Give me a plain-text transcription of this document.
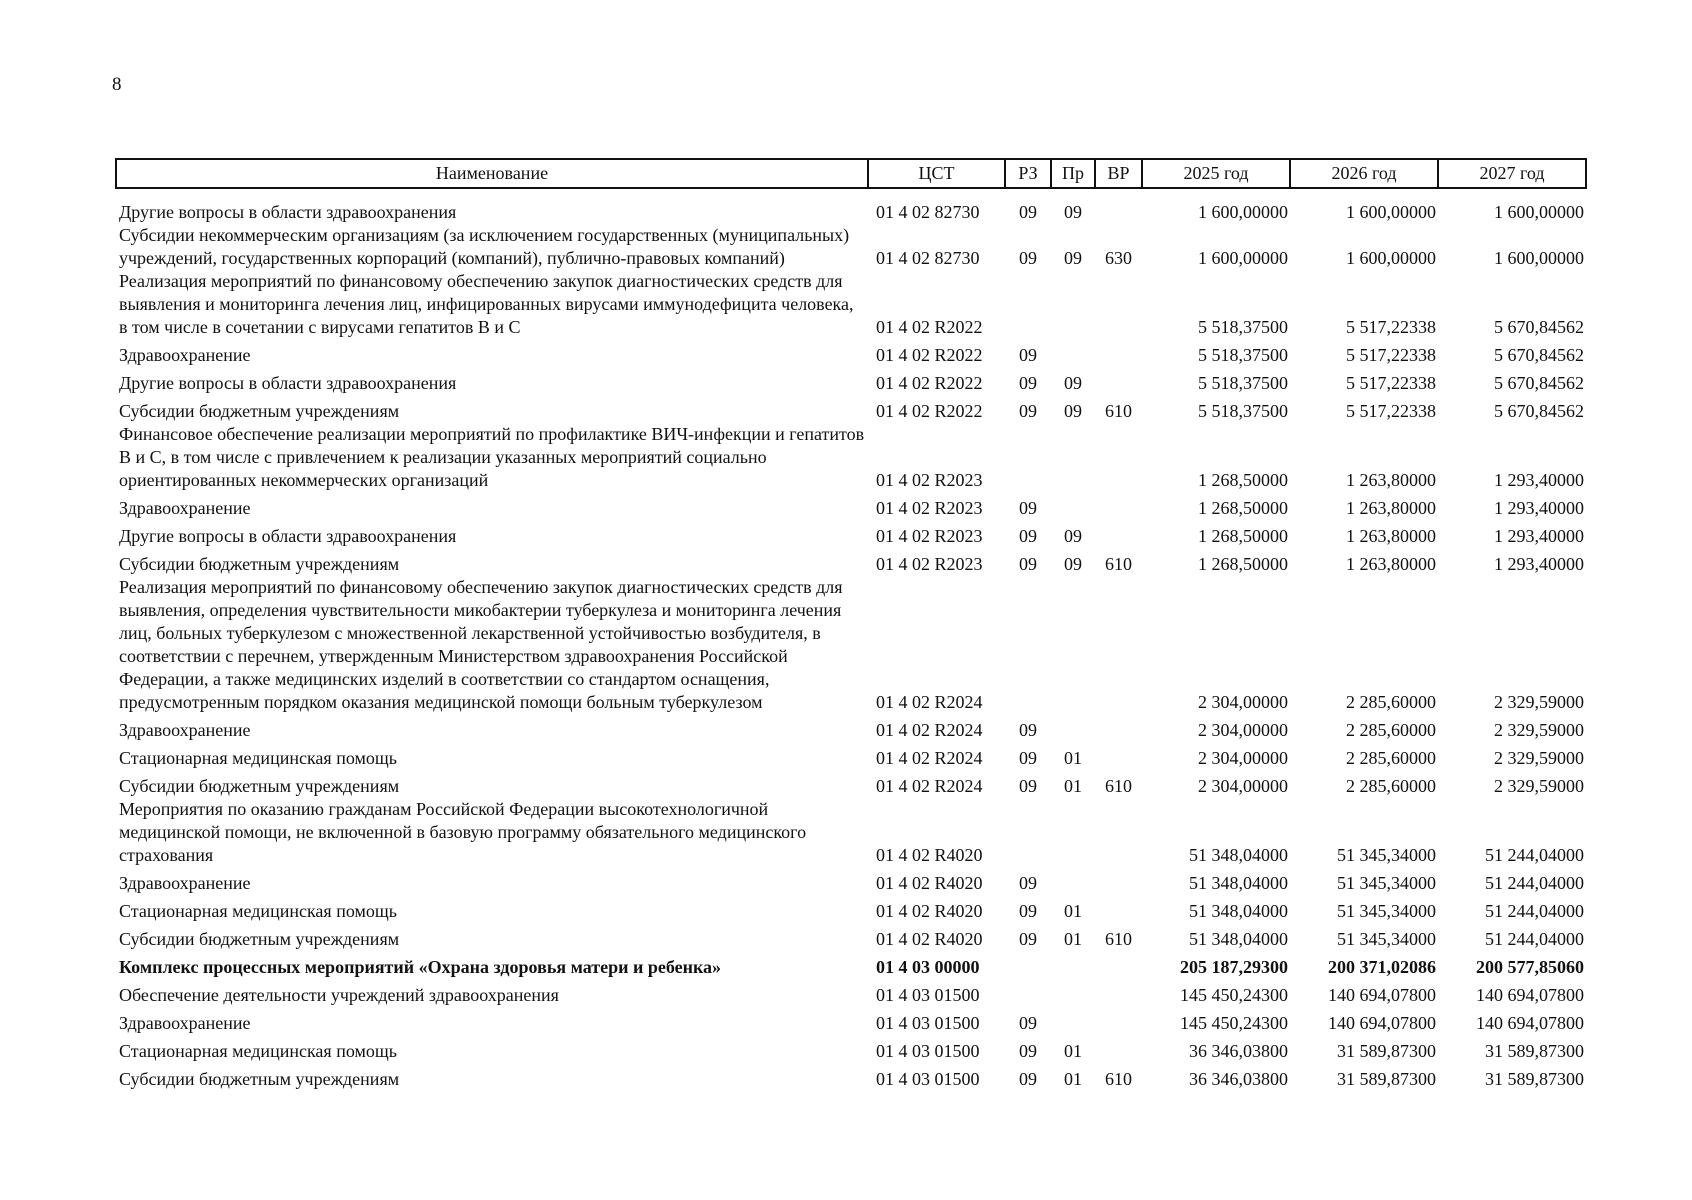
8
Наименование	ЦСТ	РЗ	Пр	ВР	2025 год	2026 год	2027 год

Другие вопросы в области здравоохранения	01 4 02 82730	09	09		1 600,00000	1 600,00000	1 600,00000
Субсидии некоммерческим организациям (за исключением государственных (муниципальных) учреждений, государственных корпораций (компаний), публично-правовых компаний)	01 4 02 82730	09	09	630	1 600,00000	1 600,00000	1 600,00000
Реализация мероприятий по финансовому обеспечению закупок диагностических средств для выявления и мониторинга лечения лиц, инфицированных вирусами иммунодефицита человека, в том числе в сочетании с вирусами гепатитов В и С	01 4 02 R2022				5 518,37500	5 517,22338	5 670,84562
Здравоохранение	01 4 02 R2022	09			5 518,37500	5 517,22338	5 670,84562
Другие вопросы в области здравоохранения	01 4 02 R2022	09	09		5 518,37500	5 517,22338	5 670,84562
Субсидии бюджетным учреждениям	01 4 02 R2022	09	09	610	5 518,37500	5 517,22338	5 670,84562
Финансовое обеспечение реализации мероприятий по профилактике ВИЧ-инфекции и гепатитов В и С, в том числе с привлечением к реализации указанных мероприятий социально ориентированных некоммерческих организаций	01 4 02 R2023				1 268,50000	1 263,80000	1 293,40000
Здравоохранение	01 4 02 R2023	09			1 268,50000	1 263,80000	1 293,40000
Другие вопросы в области здравоохранения	01 4 02 R2023	09	09		1 268,50000	1 263,80000	1 293,40000
Субсидии бюджетным учреждениям	01 4 02 R2023	09	09	610	1 268,50000	1 263,80000	1 293,40000
Реализация мероприятий по финансовому обеспечению закупок диагностических средств для выявления, определения чувствительности микобактерии туберкулеза и мониторинга лечения лиц, больных туберкулезом с множественной лекарственной устойчивостью возбудителя, в соответствии с перечнем, утвержденным Министерством здравоохранения Российской Федерации, а также медицинских изделий в соответствии со стандартом оснащения, предусмотренным порядком оказания медицинской помощи больным туберкулезом	01 4 02 R2024				2 304,00000	2 285,60000	2 329,59000
Здравоохранение	01 4 02 R2024	09			2 304,00000	2 285,60000	2 329,59000
Стационарная медицинская помощь	01 4 02 R2024	09	01		2 304,00000	2 285,60000	2 329,59000
Субсидии бюджетным учреждениям	01 4 02 R2024	09	01	610	2 304,00000	2 285,60000	2 329,59000
Мероприятия по оказанию гражданам Российской Федерации высокотехнологичной медицинской помощи, не включенной в базовую программу обязательного медицинского страхования	01 4 02 R4020				51 348,04000	51 345,34000	51 244,04000
Здравоохранение	01 4 02 R4020	09			51 348,04000	51 345,34000	51 244,04000
Стационарная медицинская помощь	01 4 02 R4020	09	01		51 348,04000	51 345,34000	51 244,04000
Субсидии бюджетным учреждениям	01 4 02 R4020	09	01	610	51 348,04000	51 345,34000	51 244,04000
Комплекс процессных мероприятий «Охрана здоровья матери и ребенка»	01 4 03 00000				205 187,29300	200 371,02086	200 577,85060
Обеспечение деятельности учреждений здравоохранения	01 4 03 01500				145 450,24300	140 694,07800	140 694,07800
Здравоохранение	01 4 03 01500	09			145 450,24300	140 694,07800	140 694,07800
Стационарная медицинская помощь	01 4 03 01500	09	01		36 346,03800	31 589,87300	31 589,87300
Субсидии бюджетным учреждениям	01 4 03 01500	09	01	610	36 346,03800	31 589,87300	31 589,87300
